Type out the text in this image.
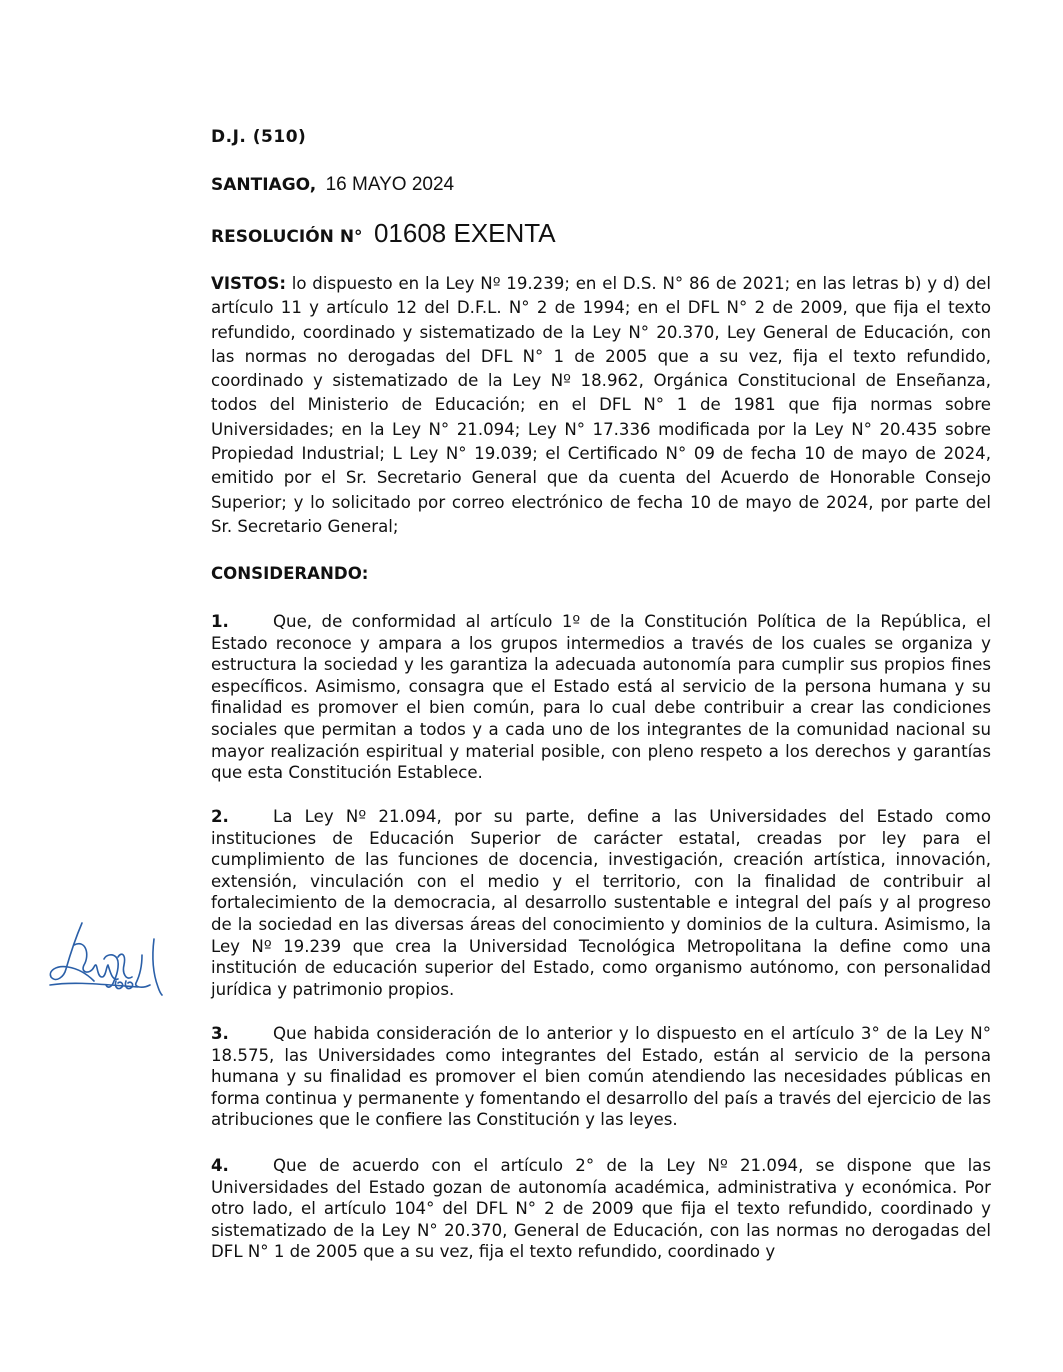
D.J. (510)
SANTIAGO, 16 MAYO 2024
RESOLUCIÓN N° 01608 EXENTA

VISTOS: lo dispuesto en la Ley Nº 19.239; en el D.S. N° 86 de 2021; en las letras b) y d) del artículo 11 y artículo 12 del D.F.L. N° 2 de 1994; en el DFL N° 2 de 2009, que fija el texto refundido, coordinado y sistematizado de la Ley N° 20.370, Ley General de Educación, con las normas no derogadas del DFL N° 1 de 2005 que a su vez, fija el texto refundido, coordinado y sistematizado de la Ley Nº 18.962, Orgánica Constitucional de Enseñanza, todos del Ministerio de Educación; en el DFL N° 1 de 1981 que fija normas sobre Universidades; en la Ley N° 21.094; Ley N° 17.336 modificada por la Ley N° 20.435 sobre Propiedad Industrial; L Ley N° 19.039; el Certificado N° 09 de fecha 10 de mayo de 2024, emitido por el Sr. Secretario General que da cuenta del Acuerdo de Honorable Consejo Superior; y lo solicitado por correo electrónico de fecha 10 de mayo de 2024, por parte del Sr. Secretario General;

CONSIDERANDO:

1.	Que, de conformidad al artículo 1º de la Constitución Política de la República, el Estado reconoce y ampara a los grupos intermedios a través de los cuales se organiza y estructura la sociedad y les garantiza la adecuada autonomía para cumplir sus propios fines específicos. Asimismo, consagra que el Estado está al servicio de la persona humana y su finalidad es promover el bien común, para lo cual debe contribuir a crear las condiciones sociales que permitan a todos y a cada uno de los integrantes de la comunidad nacional su mayor realización espiritual y material posible, con pleno respeto a los derechos y garantías que esta Constitución Establece.

2.	La Ley Nº 21.094, por su parte, define a las Universidades del Estado como instituciones de Educación Superior de carácter estatal, creadas por ley para el cumplimiento de las funciones de docencia, investigación, creación artística, innovación, extensión, vinculación con el medio y el territorio, con la finalidad de contribuir al fortalecimiento de la democracia, al desarrollo sustentable e integral del país y al progreso de la sociedad en las diversas áreas del conocimiento y dominios de la cultura. Asimismo, la Ley Nº 19.239 que crea la Universidad Tecnológica Metropolitana la define como una institución de educación superior del Estado, como organismo autónomo, con personalidad jurídica y patrimonio propios.

3.	Que habida consideración de lo anterior y lo dispuesto en el artículo 3° de la Ley N° 18.575, las Universidades como integrantes del Estado, están al servicio de la persona humana y su finalidad es promover el bien común atendiendo las necesidades públicas en forma continua y permanente y fomentando el desarrollo del país a través del ejercicio de las atribuciones que le confiere las Constitución y las leyes.

4.	Que de acuerdo con el artículo 2° de la Ley Nº 21.094, se dispone que las Universidades del Estado gozan de autonomía académica, administrativa y económica. Por otro lado, el artículo 104° del DFL N° 2 de 2009 que fija el texto refundido, coordinado y sistematizado de la Ley N° 20.370, General de Educación, con las normas no derogadas del DFL N° 1 de 2005 que a su vez, fija el texto refundido, coordinado y
